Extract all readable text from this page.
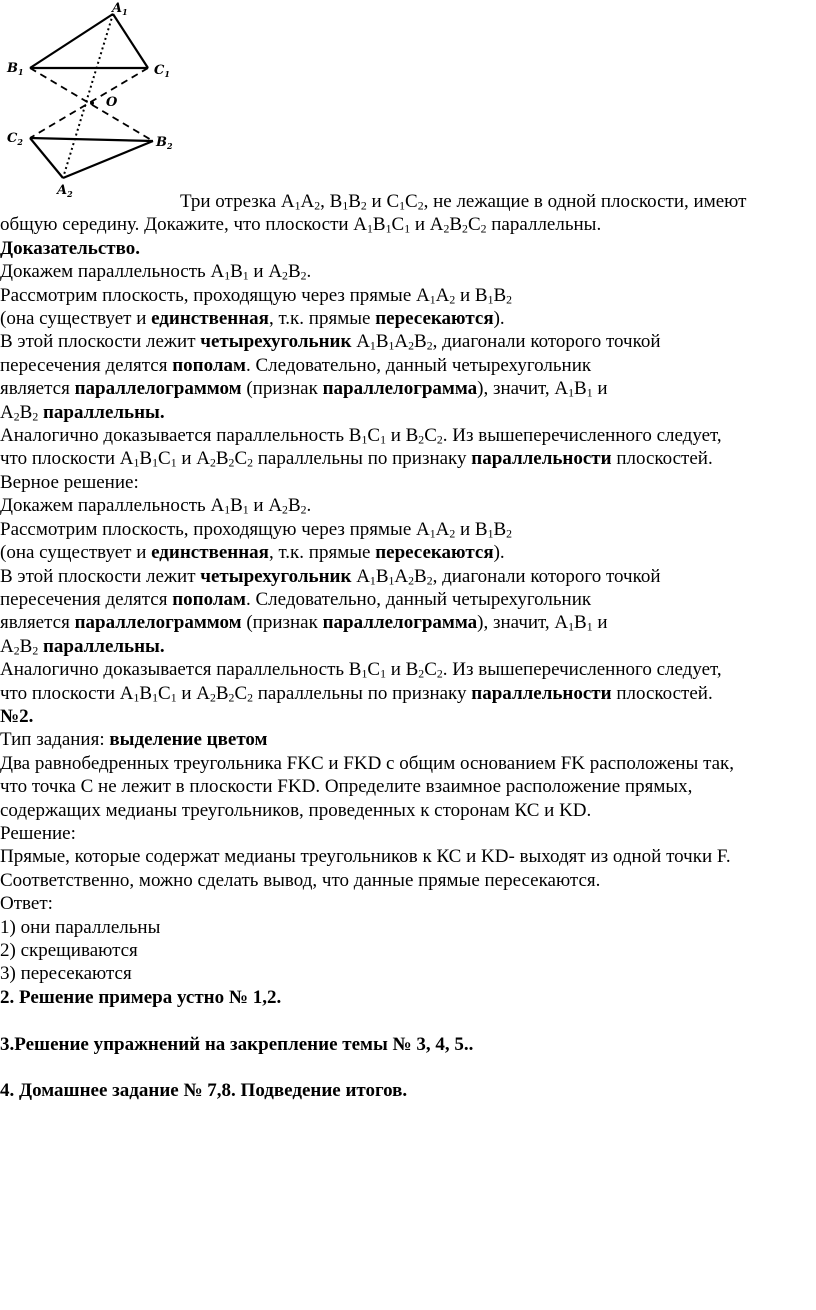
$A_1$
$B_1$	$C_1$
O
$C_2$	$B_2$
$A_2$	Три отрезка $А_1А_2$, $В_1В_2$ и $С_1С_2$, не лежащие в одной плоскости, имеют

общую середину. Докажите, что плоскости $А_1В_1С_1$ и $А_2В_2С_2$ параллельны.

Доказательство.

Докажем параллельность $А_1В_1$ и $А_2В_2$.

Рассмотрим плоскость, проходящую через прямые $А_1А_2$ и $В_1В_2$

(она существует и единственная, т.к. прямые пересекаются).

В этой плоскости лежит четырехугольник $А_1В_1А_2В_2$, диагонали которого точкой

пересечения делятся пополам. Следовательно, данный четырехугольник

является параллелограммом (признак параллелограмма), значит, $А_1В_1$ и

$А_2В_2$ параллельны.

Аналогично доказывается параллельность $В_1С_1$ и $В_2С_2$. Из вышеперечисленного следует,

что плоскости $А_1В_1С_1$ и $А_2В_2С_2$ параллельны по признаку параллельности плоскостей.

Верное решение:

Докажем параллельность $А_1В_1$ и $А_2В_2$.

Рассмотрим плоскость, проходящую через прямые $А_1А_2$ и $В_1В_2$

(она существует и единственная, т.к. прямые пересекаются).

В этой плоскости лежит четырехугольник $А_1В_1А_2В_2$, диагонали которого точкой

пересечения делятся пополам. Следовательно, данный четырехугольник

является параллелограммом (признак параллелограмма), значит, $А_1В_1$ и

$А_2В_2$ параллельны.

Аналогично доказывается параллельность $В_1С_1$ и $В_2С_2$. Из вышеперечисленного следует,

что плоскости $А_1В_1С_1$ и $А_2В_2С_2$ параллельны по признаку параллельности плоскостей.

№2.

Тип задания: выделение цветом

Два равнобедренных треугольника FKC и FKD с общим основанием FK расположены так,

что точка С не лежит в плоскости FKD. Определите взаимное расположение прямых,

содержащих медианы треугольников, проведенных к сторонам КС и KD.

Решение:

Прямые, которые содержат медианы треугольников к КС и KD- выходят из одной точки F.

Соответственно, можно сделать вывод, что данные прямые пересекаются.

Ответ:

1) они параллельны

2) скрещиваются

3) пересекаются

2. Решение примера устно № 1,2.

3.Решение упражнений на закрепление темы № 3, 4, 5..

4. Домашнее задание № 7,8. Подведение итогов.
